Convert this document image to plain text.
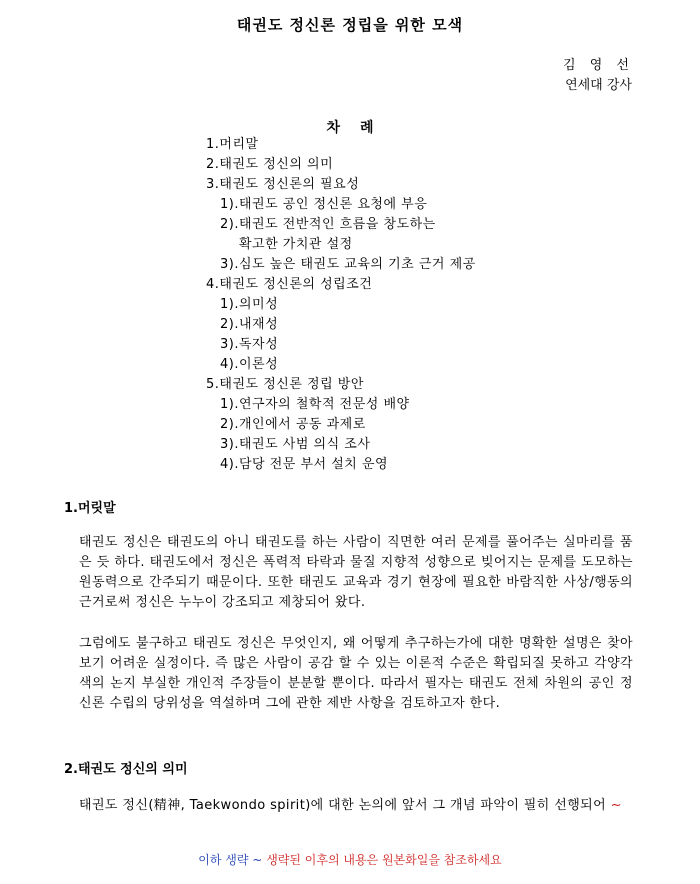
태권도 정신론 정립을 위한 모색
김 영 선
연세대 강사
차례
1.머리말
2.태권도 정신의 의미
3.태권도 정신론의 필요성
1).태권도 공인 정신론 요청에 부응
2).태권도 전반적인 흐름을 창도하는
확고한 가치관 설정
3).심도 높은 태권도 교육의 기초 근거 제공
4.태권도 정신론의 성립조건
1).의미성
2).내재성
3).독자성
4).이론성
5.태권도 정신론 정립 방안
1).연구자의 철학적 전문성 배양
2).개인에서 공동 과제로
3).태권도 사범 의식 조사
4).담당 전문 부서 설치 운영
1.머릿말

태권도 정신은 태권도의 아니 태권도를 하는 사람이 직면한 여러 문제를 풀어주는 실마리를 품은 듯 하다. 태권도에서 정신은 폭력적 타락과 물질 지향적 성향으로 빚어지는 문제를 도모하는 원동력으로 간주되기 때문이다. 또한 태권도 교육과 경기 현장에 필요한 바람직한 사상/행동의 근거로써 정신은 누누이 강조되고 제창되어 왔다.

그럼에도 불구하고 태권도 정신은 무엇인지, 왜 어떻게 추구하는가에 대한 명확한 설명은 찾아보기 어려운 실정이다. 즉 많은 사람이 공감 할 수 있는 이론적 수준은 확립되질 못하고 각양각색의 논지 부실한 개인적 주장들이 분분할 뿐이다. 따라서 필자는 태권도 전체 차원의 공인 정신론 수립의 당위성을 역설하며 그에 관한 제반 사항을 검토하고자 한다.

2.태권도 정신의 의미

태권도 정신(精神, Taekwondo spirit)에 대한 논의에 앞서 그 개념 파악이 필히 선행되어 ~

이하 생략 ~ 생략된 이후의 내용은 원본화일을 참조하세요
